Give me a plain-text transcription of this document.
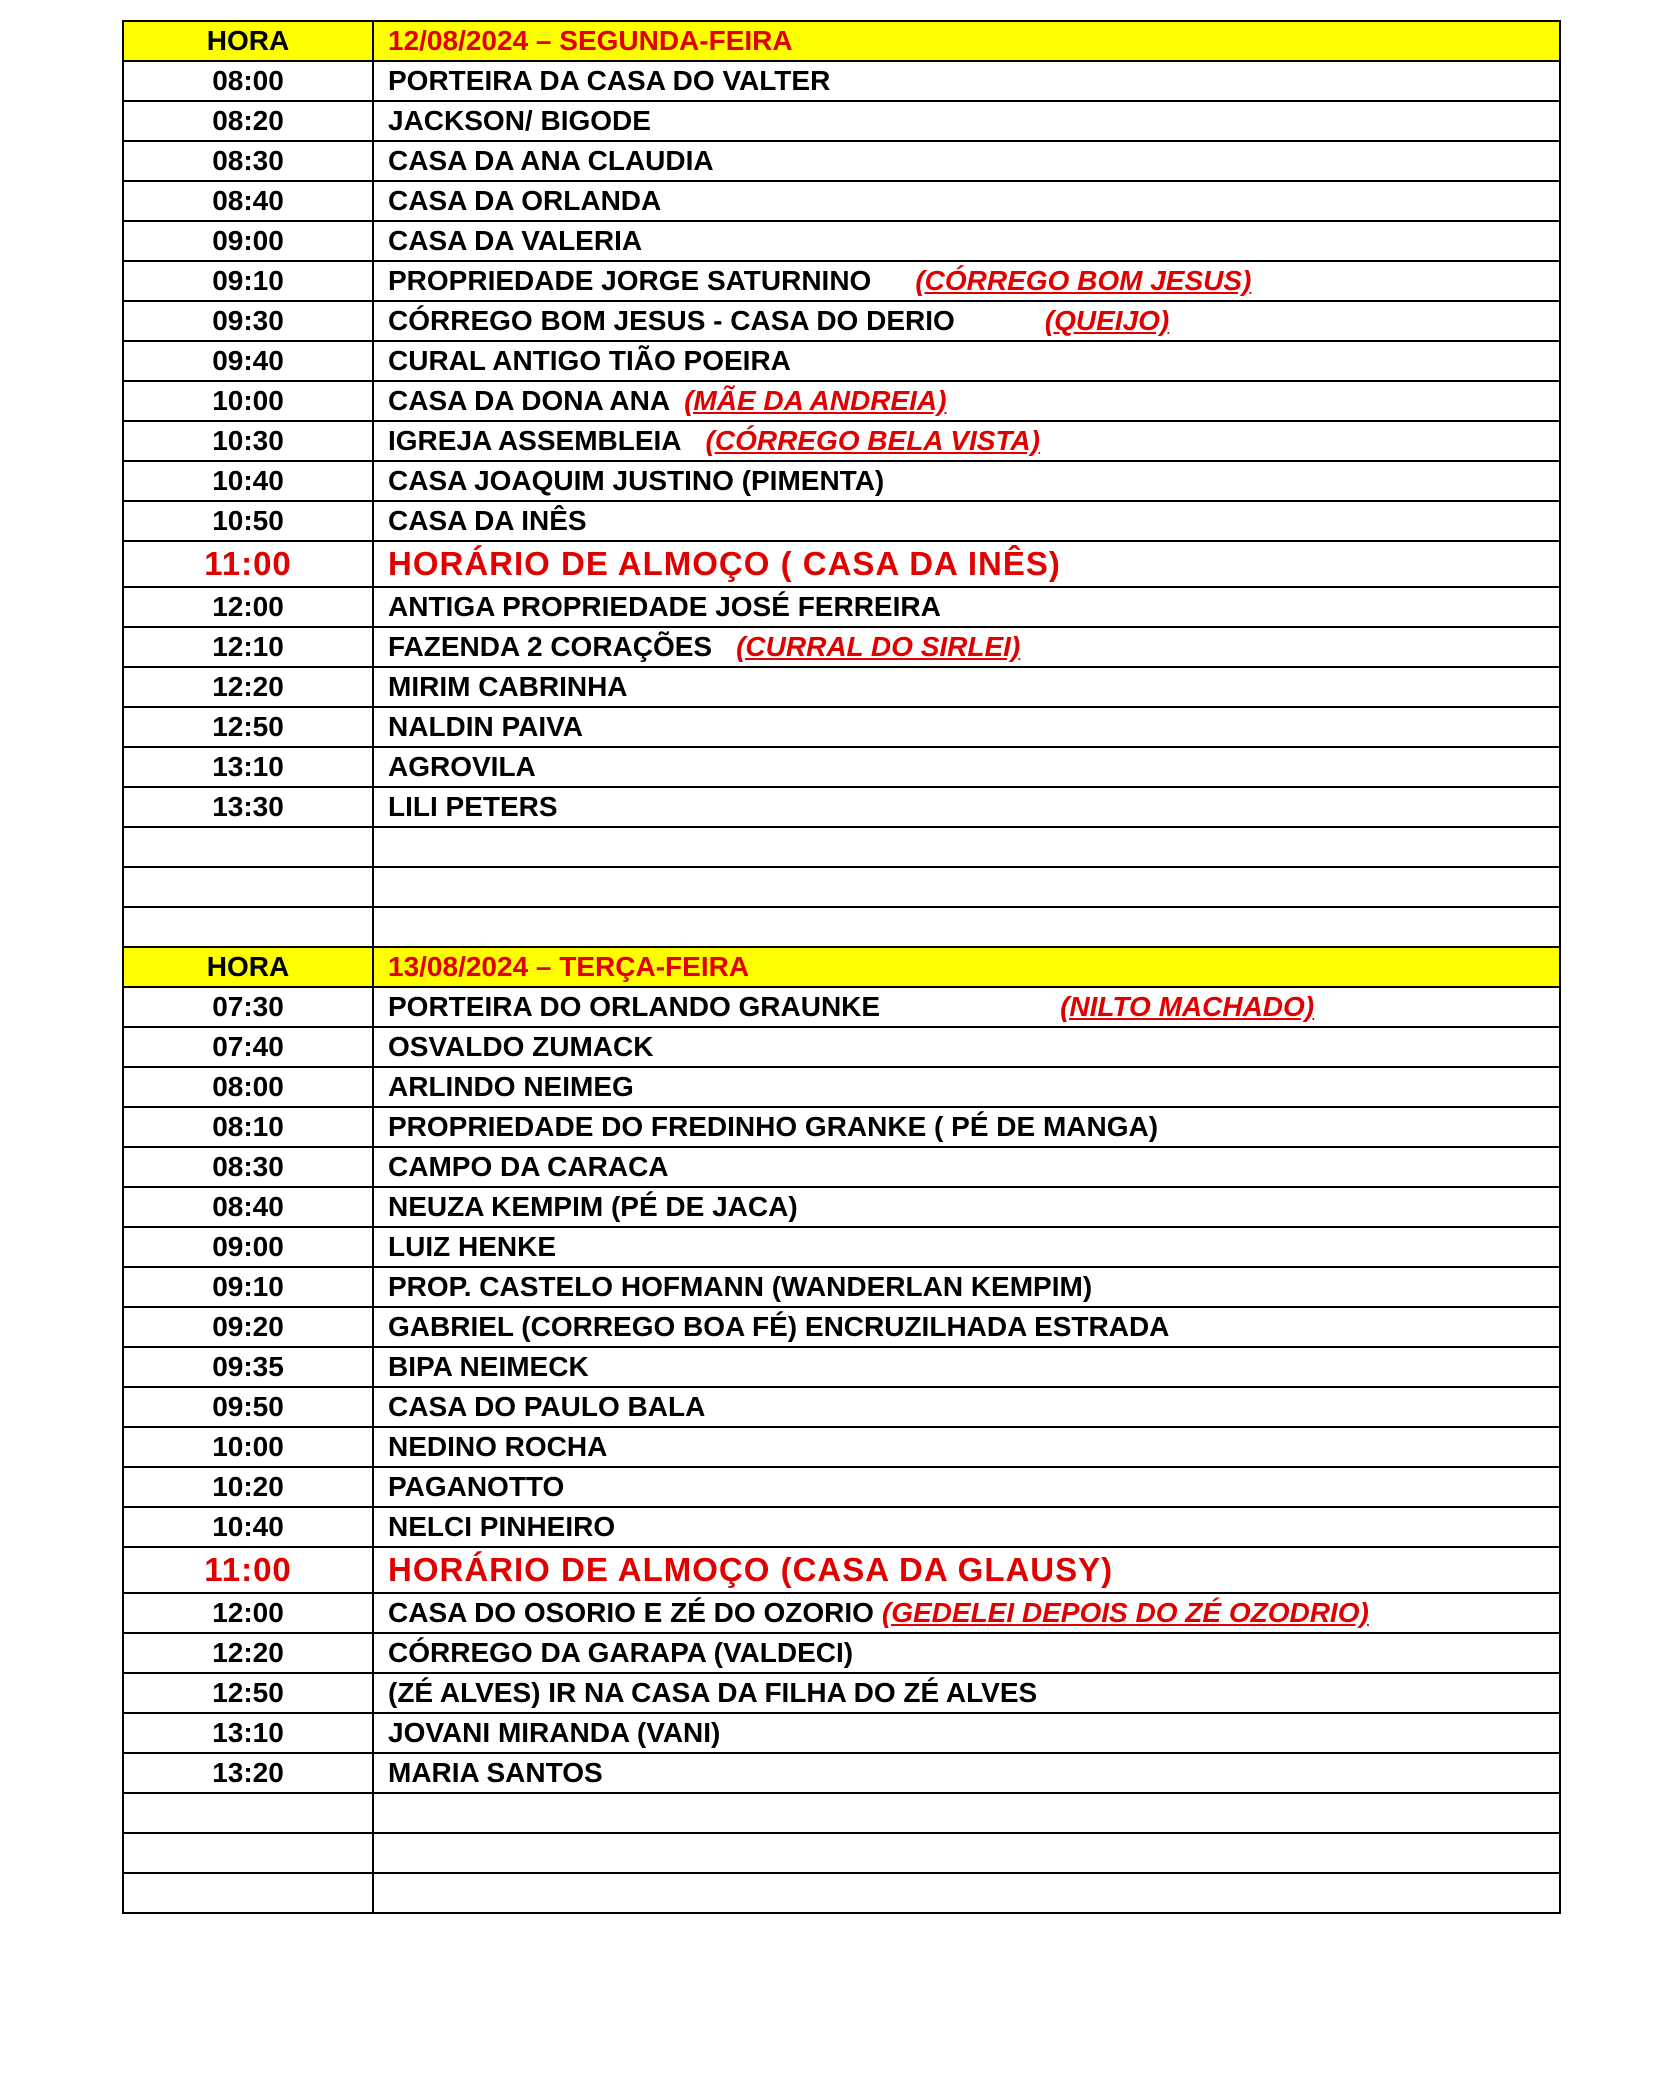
HORA	12/08/2024 – SEGUNDA-FEIRA
08:00	PORTEIRA DA CASA DO VALTER
08:20	JACKSON/ BIGODE
08:30	CASA DA ANA CLAUDIA
08:40	CASA DA ORLANDA
09:00	CASA DA VALERIA
09:10	PROPRIEDADE JORGE SATURNINO (CÓRREGO BOM JESUS)
09:30	CÓRREGO BOM JESUS - CASA DO DERIO (QUEIJO)
09:40	CURAL ANTIGO TIÃO POEIRA
10:00	CASA DA DONA ANA (MÃE DA ANDREIA)
10:30	IGREJA ASSEMBLEIA (CÓRREGO BELA VISTA)
10:40	CASA JOAQUIM JUSTINO (PIMENTA)
10:50	CASA DA INÊS
11:00	HORÁRIO DE ALMOÇO ( CASA DA INÊS)
12:00	ANTIGA PROPRIEDADE JOSÉ FERREIRA
12:10	FAZENDA 2 CORAÇÕES (CURRAL DO SIRLEI)
12:20	MIRIM CABRINHA
12:50	NALDIN PAIVA
13:10	AGROVILA
13:30	LILI PETERS

HORA	13/08/2024 – TERÇA-FEIRA
07:30	PORTEIRA DO ORLANDO GRAUNKE (NILTO MACHADO)
07:40	OSVALDO ZUMACK
08:00	ARLINDO NEIMEG
08:10	PROPRIEDADE DO FREDINHO GRANKE ( PÉ DE MANGA)
08:30	CAMPO DA CARACA
08:40	NEUZA KEMPIM (PÉ DE JACA)
09:00	LUIZ HENKE
09:10	PROP. CASTELO HOFMANN (WANDERLAN KEMPIM)
09:20	GABRIEL (CORREGO BOA FÉ) ENCRUZILHADA ESTRADA
09:35	BIPA NEIMECK
09:50	CASA DO PAULO BALA
10:00	NEDINO ROCHA
10:20	PAGANOTTO
10:40	NELCI PINHEIRO
11:00	HORÁRIO DE ALMOÇO (CASA DA GLAUSY)
12:00	CASA DO OSORIO E ZÉ DO OZORIO (GEDELEI DEPOIS DO ZÉ OZODRIO)
12:20	CÓRREGO DA GARAPA (VALDECI)
12:50	(ZÉ ALVES) IR NA CASA DA FILHA DO ZÉ ALVES
13:10	JOVANI MIRANDA (VANI)
13:20	MARIA SANTOS
